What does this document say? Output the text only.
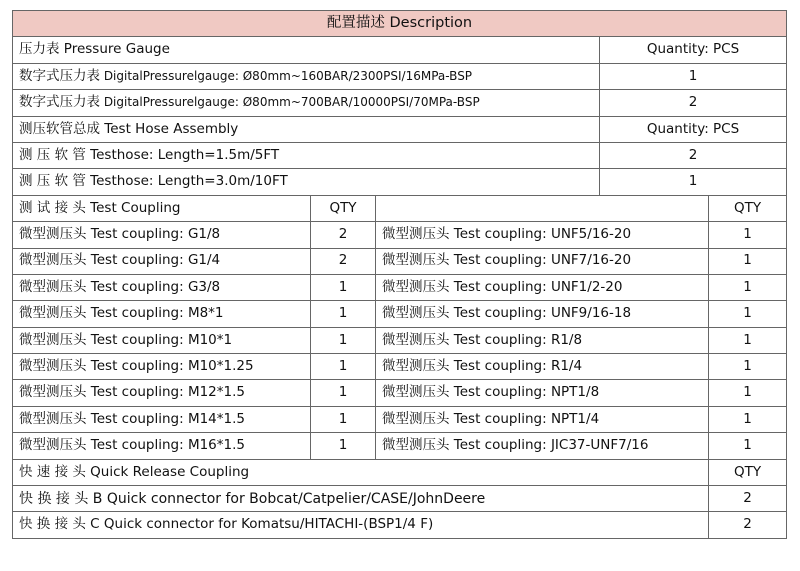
配置描述 Description				
压力表 Pressure Gauge			Quantity: PCS	
数字式压力表 DigitalPressurelgauge: Ø80mm~160BAR/2300PSI/16MPa-BSP			1	
数字式压力表 DigitalPressurelgauge: Ø80mm~700BAR/10000PSI/70MPa-BSP			2	
测压软管总成 Test Hose Assembly			Quantity: PCS	
测 压 软 管 Testhose: Length=1.5m/5FT			2	
测 压 软 管 Testhose: Length=3.0m/10FT			1	
测 试 接 头 Test Coupling	QTY			QTY
微型测压头 Test coupling: G1/8	2	微型测压头 Test coupling: UNF5/16-20		1
微型测压头 Test coupling: G1/4	2	微型测压头 Test coupling: UNF7/16-20		1
微型测压头 Test coupling: G3/8	1	微型测压头 Test coupling: UNF1/2-20		1
微型测压头 Test coupling: M8*1	1	微型测压头 Test coupling: UNF9/16-18		1
微型测压头 Test coupling: M10*1	1	微型测压头 Test coupling: R1/8		1
微型测压头 Test coupling: M10*1.25	1	微型测压头 Test coupling: R1/4		1
微型测压头 Test coupling: M12*1.5	1	微型测压头 Test coupling: NPT1/8		1
微型测压头 Test coupling: M14*1.5	1	微型测压头 Test coupling: NPT1/4		1
微型测压头 Test coupling: M16*1.5	1	微型测压头 Test coupling: JIC37-UNF7/16		1
快 速 接 头 Quick Release Coupling				QTY
快 换 接 头 B Quick connector for Bobcat/Catpelier/CASE/JohnDeere				2
快 换 接 头 C Quick connector for Komatsu/HITACHI-(BSP1/4 F)				2
